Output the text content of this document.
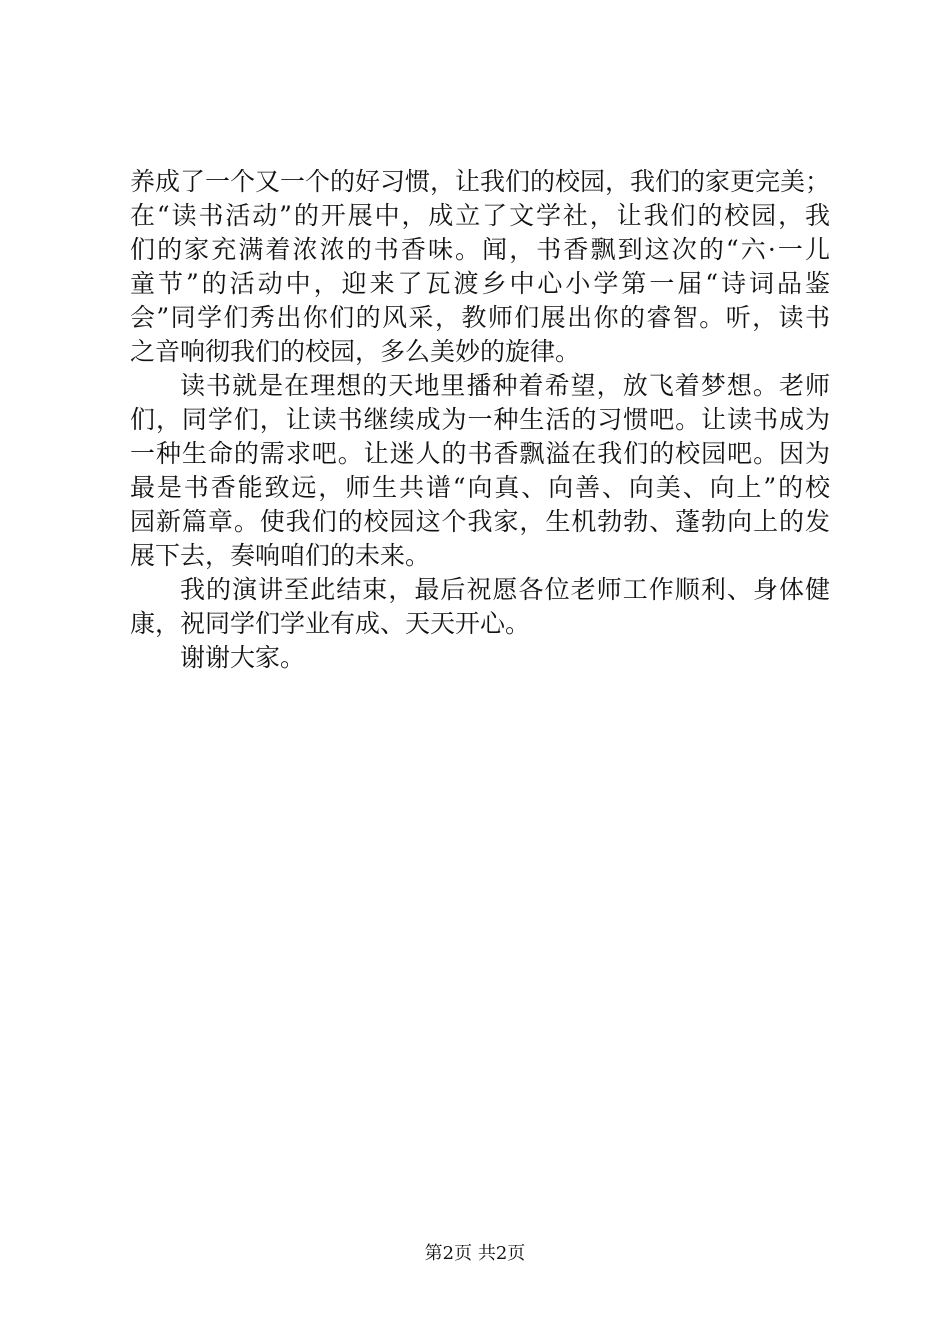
养成了一个又一个的好习惯，让我们的校园，我们的家更完美；
在“读书活动”的开展中，成立了文学社，让我们的校园，我
们的家充满着浓浓的书香味。闻，书香飘到这次的“六·一儿
童节”的活动中，迎来了瓦渡乡中心小学第一届“诗词品鉴
会”同学们秀出你们的风采，教师们展出你的睿智。听，读书
之音响彻我们的校园，多么美妙的旋律。
读书就是在理想的天地里播种着希望，放飞着梦想。老师
们，同学们，让读书继续成为一种生活的习惯吧。让读书成为
一种生命的需求吧。让迷人的书香飘溢在我们的校园吧。因为
最是书香能致远，师生共谱“向真、向善、向美、向上”的校
园新篇章。使我们的校园这个我家，生机勃勃、蓬勃向上的发
展下去，奏响咱们的未来。
我的演讲至此结束，最后祝愿各位老师工作顺利、身体健
康，祝同学们学业有成、天天开心。
谢谢大家。
第2页 共2页
